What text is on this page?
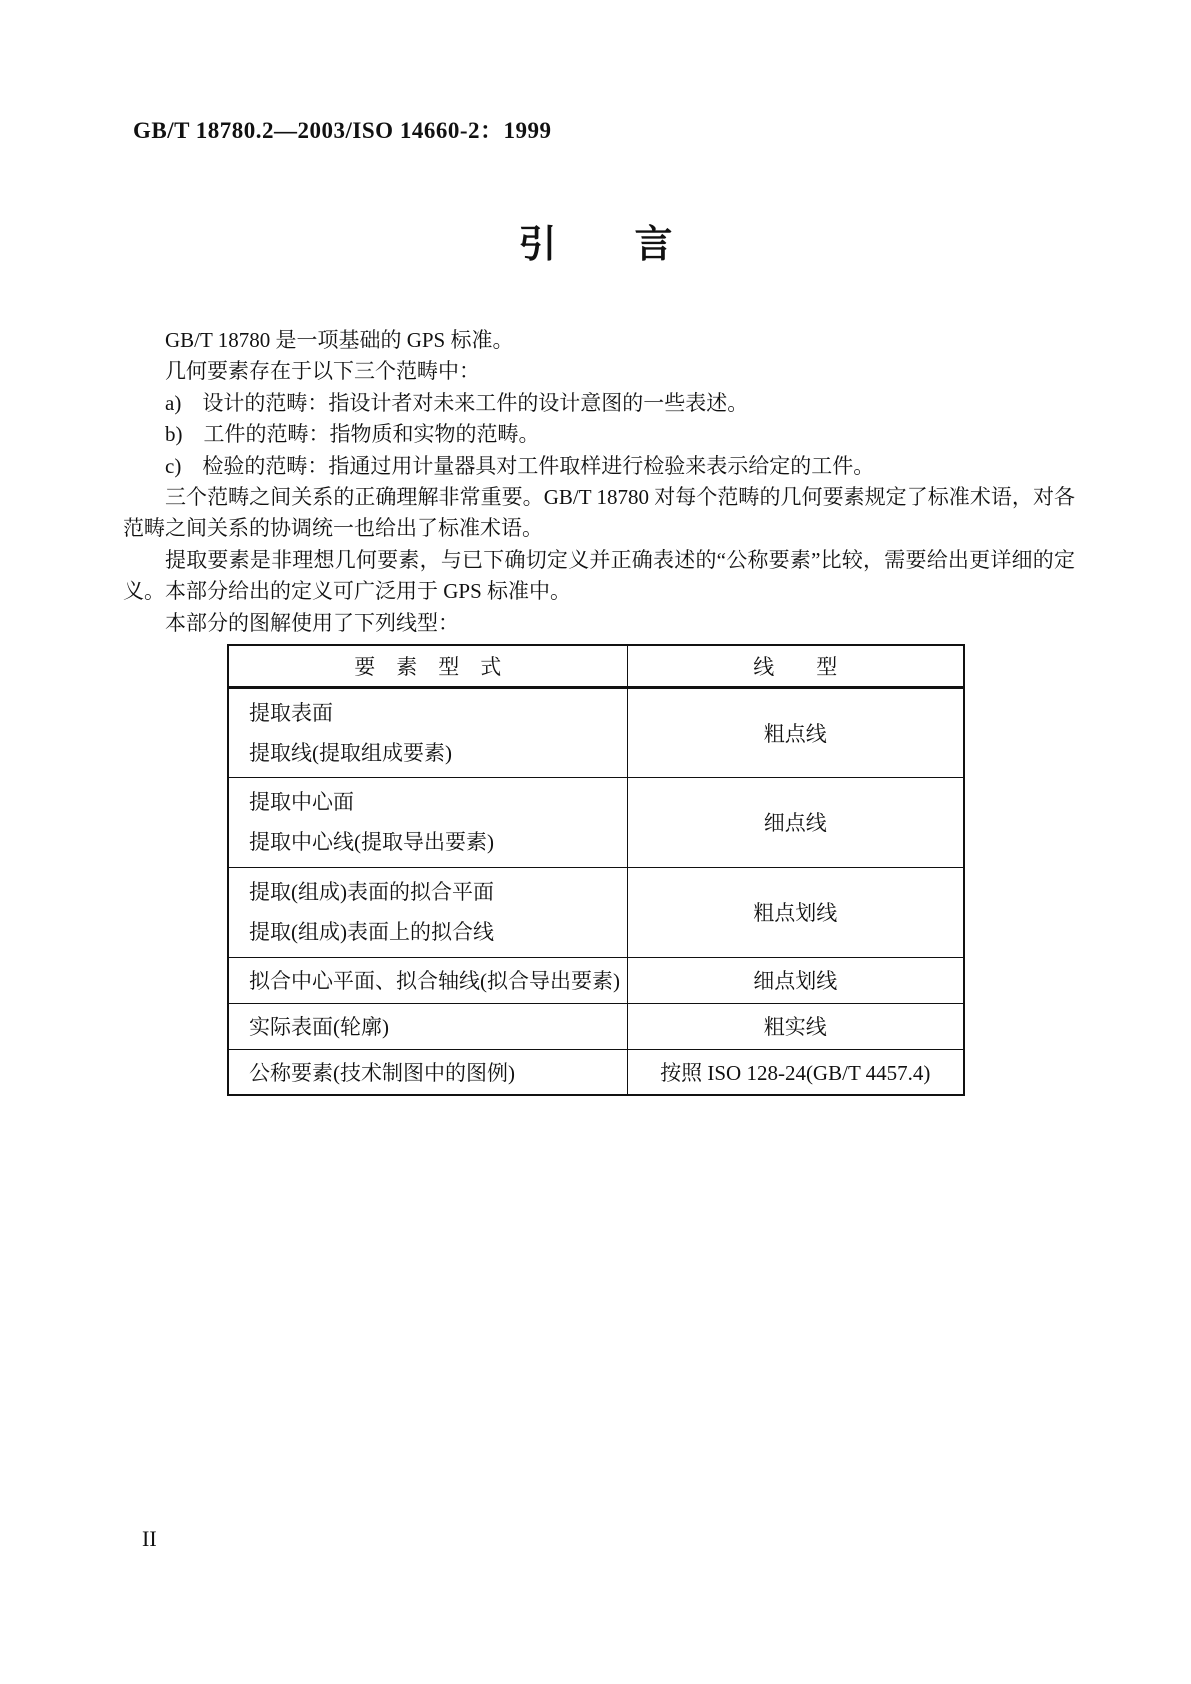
GB/T 18780.2—2003/ISO 14660-2：1999
引 言

GB/T 18780 是一项基础的 GPS 标准。

几何要素存在于以下三个范畴中：

a)　设计的范畴：指设计者对未来工件的设计意图的一些表述。

b)　工件的范畴：指物质和实物的范畴。

c)　检验的范畴：指通过用计量器具对工件取样进行检验来表示给定的工件。

三个范畴之间关系的正确理解非常重要。GB/T 18780 对每个范畴的几何要素规定了标准术语，对各范畴之间关系的协调统一也给出了标准术语。

提取要素是非理想几何要素，与已下确切定义并正确表述的“公称要素”比较，需要给出更详细的定义。本部分给出的定义可广泛用于 GPS 标准中。

本部分的图解使用了下列线型：

要　素　型　式	线　　型

提取表面
提取线(提取组成要素)	粗点线

提取中心面
提取中心线(提取导出要素)	细点线

提取(组成)表面的拟合平面
提取(组成)表面上的拟合线	粗点划线
拟合中心平面、拟合轴线(拟合导出要素)	细点划线
实际表面(轮廓)	粗实线
公称要素(技术制图中的图例)	按照 ISO 128-24(GB/T 4457.4)
II
